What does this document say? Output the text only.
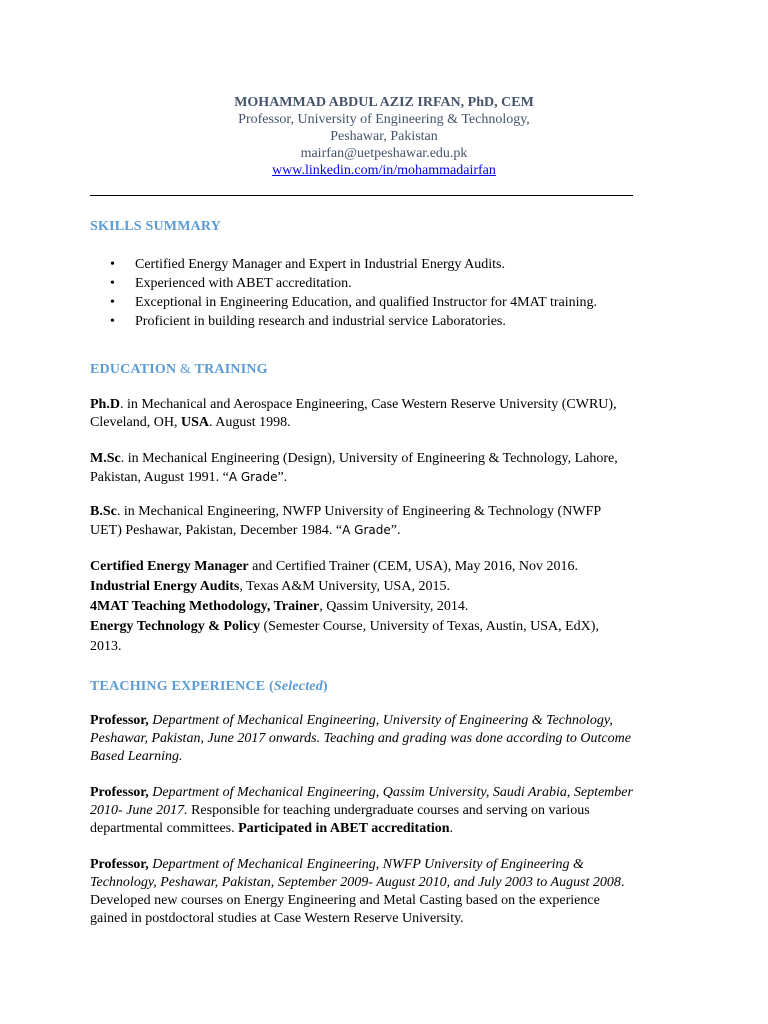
MOHAMMAD ABDUL AZIZ IRFAN, PhD, CEM
Professor, University of Engineering & Technology,
Peshawar, Pakistan
mairfan@uetpeshawar.edu.pk
www.linkedin.com/in/mohammadairfan
SKILLS SUMMARY
• Certified Energy Manager and Expert in Industrial Energy Audits.
• Experienced with ABET accreditation.
• Exceptional in Engineering Education, and qualified Instructor for 4MAT training.
• Proficient in building research and industrial service Laboratories.
EDUCATION & TRAINING
Ph.D. in Mechanical and Aerospace Engineering, Case Western Reserve University (CWRU),
Cleveland, OH, USA. August 1998.
M.Sc. in Mechanical Engineering (Design), University of Engineering & Technology, Lahore,
Pakistan, August 1991. “A Grade”.
B.Sc. in Mechanical Engineering, NWFP University of Engineering & Technology (NWFP
UET) Peshawar, Pakistan, December 1984. “A Grade”.
Certified Energy Manager and Certified Trainer (CEM, USA), May 2016, Nov 2016.
Industrial Energy Audits, Texas A&M University, USA, 2015.
4MAT Teaching Methodology, Trainer, Qassim University, 2014.
Energy Technology & Policy (Semester Course, University of Texas, Austin, USA, EdX),
2013.
TEACHING EXPERIENCE (Selected)
Professor, Department of Mechanical Engineering, University of Engineering & Technology,
Peshawar, Pakistan, June 2017 onwards. Teaching and grading was done according to Outcome
Based Learning.
Professor, Department of Mechanical Engineering, Qassim University, Saudi Arabia, September
2010- June 2017. Responsible for teaching undergraduate courses and serving on various
departmental committees. Participated in ABET accreditation.
Professor, Department of Mechanical Engineering, NWFP University of Engineering &
Technology, Peshawar, Pakistan, September 2009- August 2010, and July 2003 to August 2008.
Developed new courses on Energy Engineering and Metal Casting based on the experience
gained in postdoctoral studies at Case Western Reserve University.
